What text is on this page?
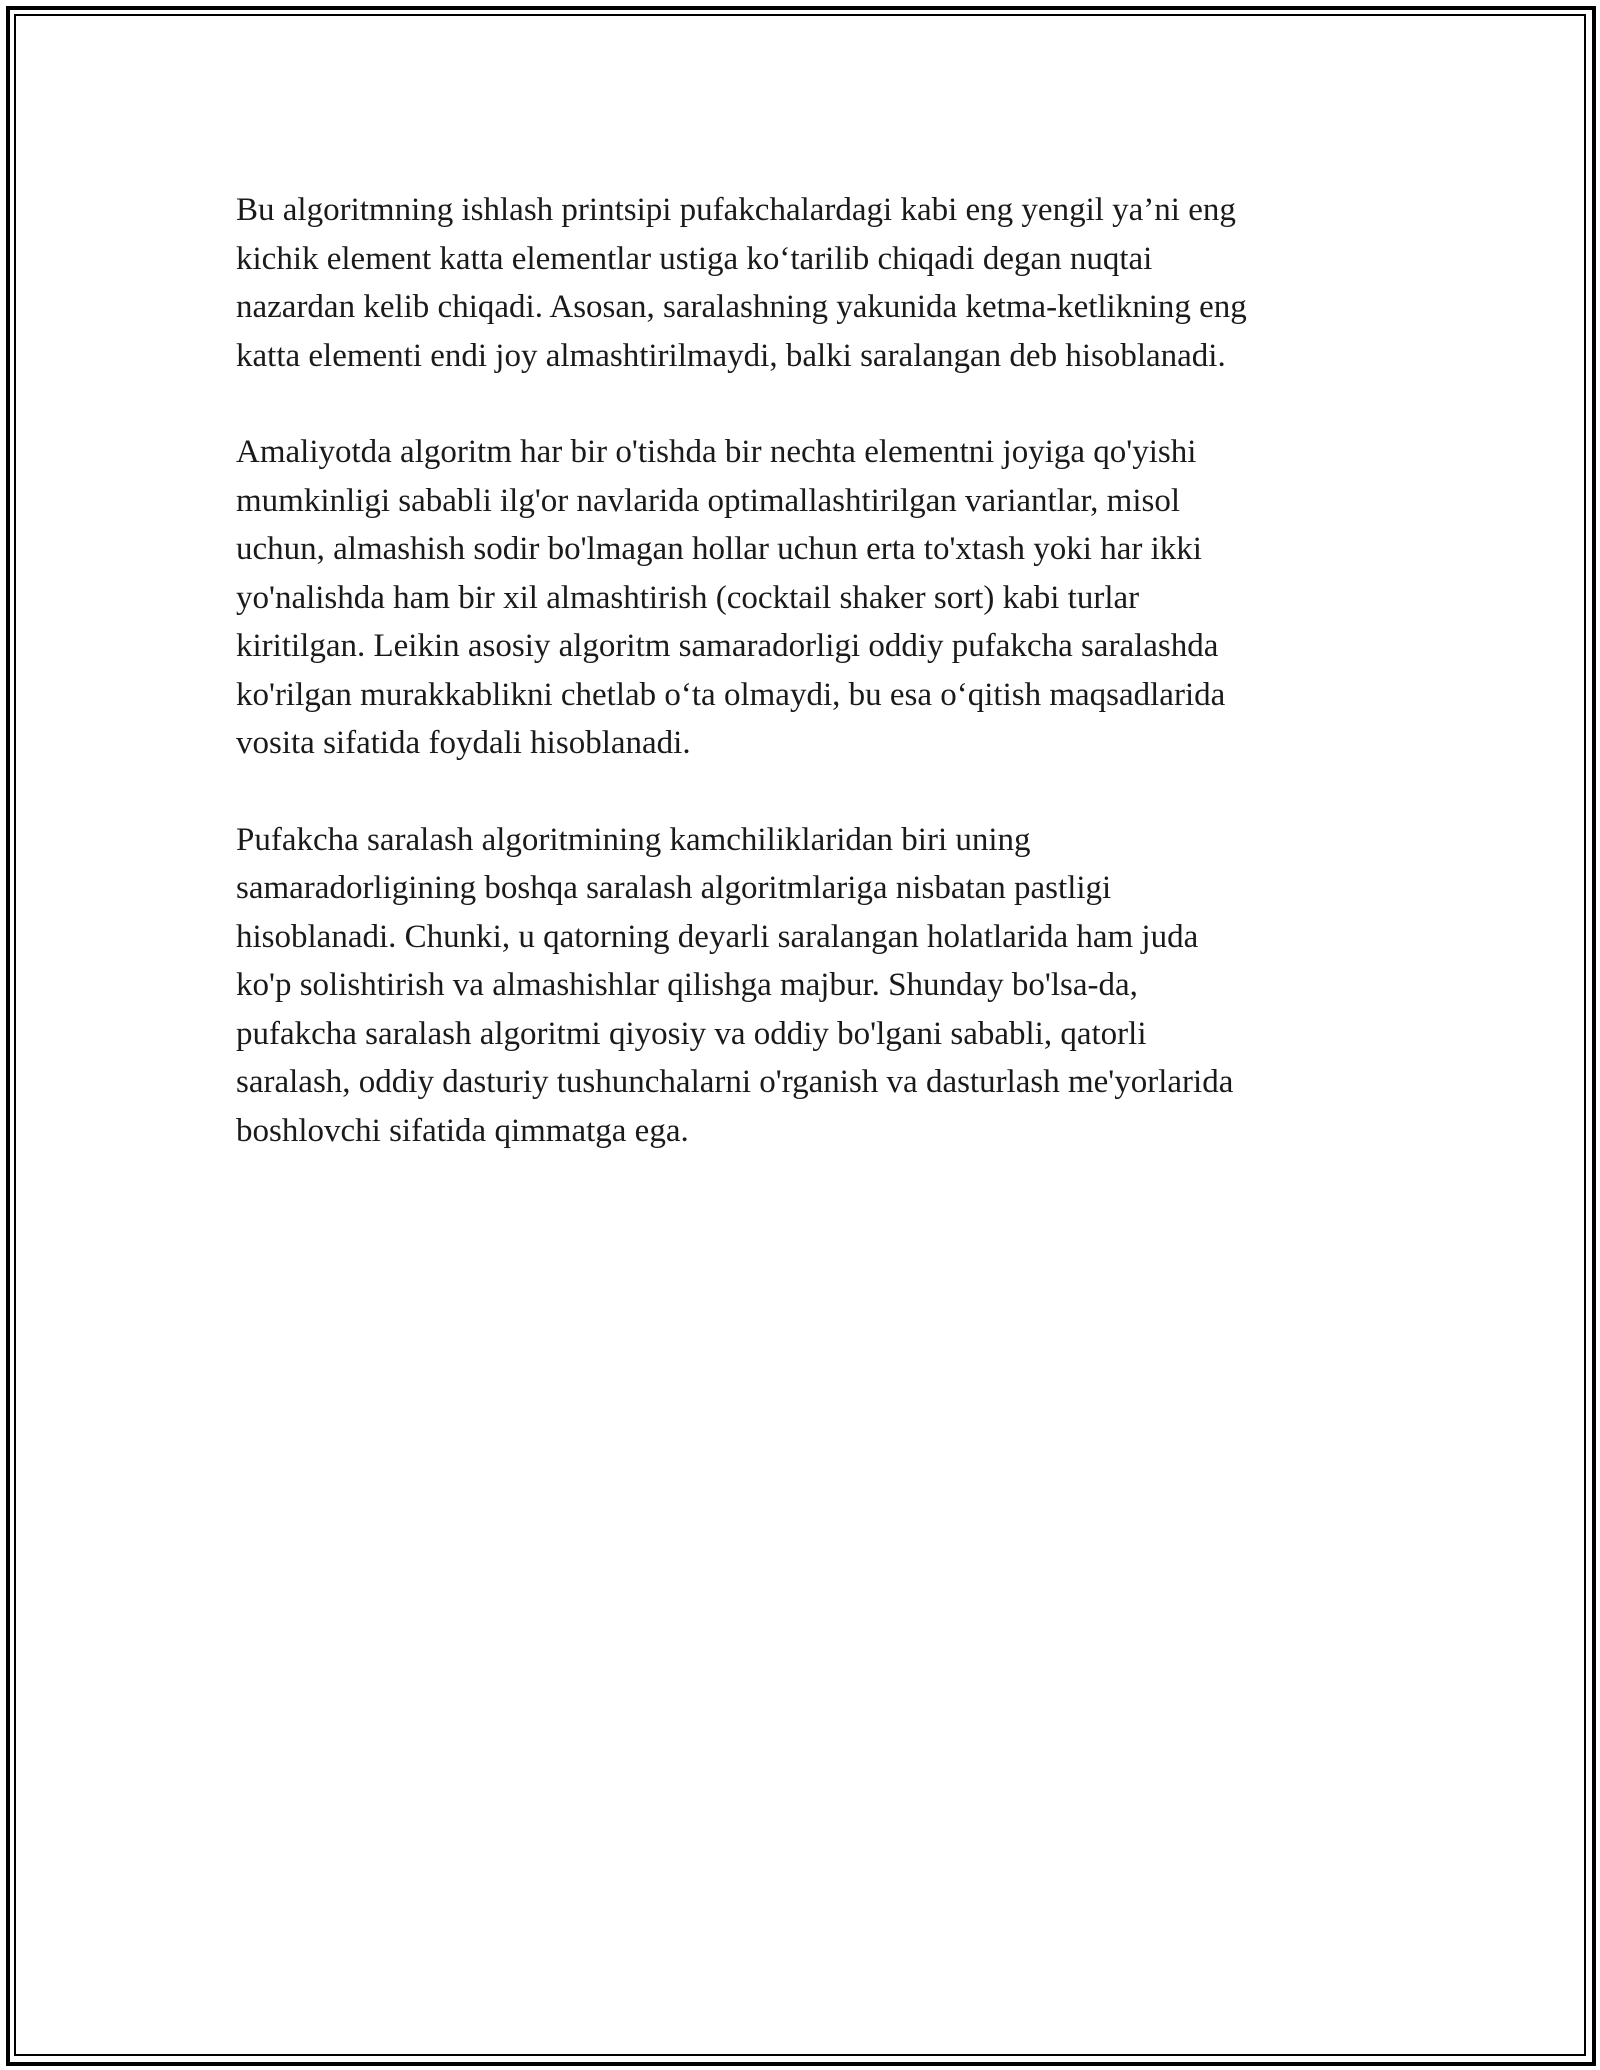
Bu algoritmning ishlash printsipi pufakchalardagi kabi eng yengil ya’ni eng
kichik element katta elementlar ustiga ko‘tarilib chiqadi degan nuqtai
nazardan kelib chiqadi. Asosan, saralashning yakunida ketma-ketlikning eng
katta elementi endi joy almashtirilmaydi, balki saralangan deb hisoblanadi.

Amaliyotda algoritm har bir o'tishda bir nechta elementni joyiga qo'yishi
mumkinligi sababli ilg'or navlarida optimallashtirilgan variantlar, misol
uchun, almashish sodir bo'lmagan hollar uchun erta to'xtash yoki har ikki
yo'nalishda ham bir xil almashtirish (cocktail shaker sort) kabi turlar
kiritilgan. Leikin asosiy algoritm samaradorligi oddiy pufakcha saralashda
ko'rilgan murakkablikni chetlab o‘ta olmaydi, bu esa o‘qitish maqsadlarida
vosita sifatida foydali hisoblanadi.

Pufakcha saralash algoritmining kamchiliklaridan biri uning
samaradorligining boshqa saralash algoritmlariga nisbatan pastligi
hisoblanadi. Chunki, u qatorning deyarli saralangan holatlarida ham juda
ko'p solishtirish va almashishlar qilishga majbur. Shunday bo'lsa-da,
pufakcha saralash algoritmi qiyosiy va oddiy bo'lgani sababli, qatorli
saralash, oddiy dasturiy tushunchalarni o'rganish va dasturlash me'yorlarida
boshlovchi sifatida qimmatga ega.
